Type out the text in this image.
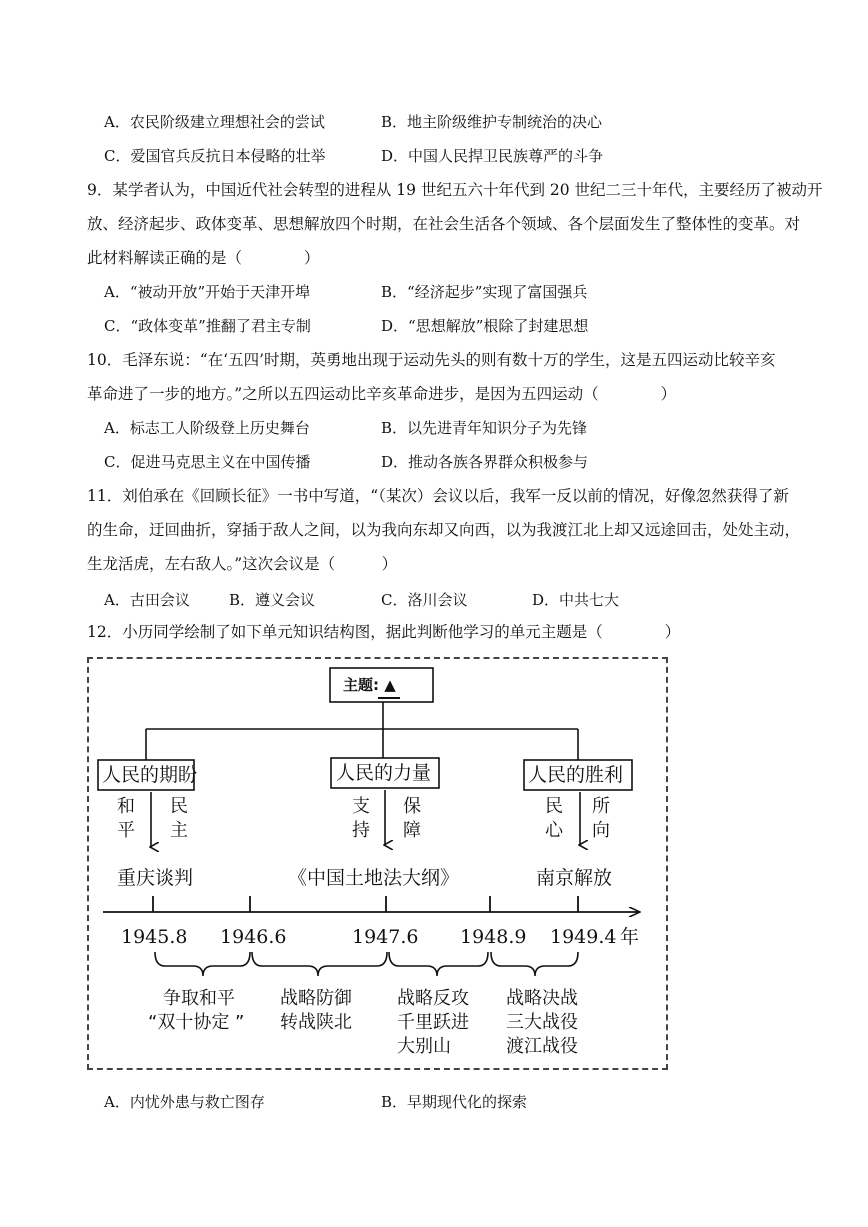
A．农民阶级建立理想社会的尝试	B．地主阶级维护专制统治的决心
C．爱国官兵反抗日本侵略的壮举	D．中国人民捍卫民族尊严的斗争
9．某学者认为，中国近代社会转型的进程从 19 世纪五六十年代到 20 世纪二三十年代，主要经历了被动开
放、经济起步、政体变革、思想解放四个时期，在社会生活各个领域、各个层面发生了整体性的变革。对
此材料解读正确的是（　　　　）
A．“被动开放”开始于天津开埠	B．“经济起步”实现了富国强兵
C．“政体变革”推翻了君主专制	D．“思想解放”根除了封建思想
10．毛泽东说：“在‘五四’时期，英勇地出现于运动先头的则有数十万的学生，这是五四运动比较辛亥
革命进了一步的地方。”之所以五四运动比辛亥革命进步，是因为五四运动（　　　　）
A．标志工人阶级登上历史舞台	B．以先进青年知识分子为先锋
C．促进马克思主义在中国传播	D．推动各族各界群众积极参与
11．刘伯承在《回顾长征》一书中写道，“（某次）会议以后，我军一反以前的情况，好像忽然获得了新
的生命，迂回曲折，穿插于敌人之间，以为我向东却又向西，以为我渡江北上却又远途回击，处处主动，
生龙活虎，左右敌人。”这次会议是（　　　）
A．古田会议	B．遵义会议	C．洛川会议	D．中共七大
12．小历同学绘制了如下单元知识结构图，据此判断他学习的单元主题是（　　　　）
主题: ▲
人民的期盼	人民的力量	人民的胜利
和
平
民
主
支
持
保
障
民
心
所
向
重庆谈判	《中国土地法大纲》	南京解放
1945.8 1946.6	1947.6 1948.9 1949.4 年
争取和平
“双十协定 ”
战略防御
转战陕北
战略反攻
千里跃进
大别山
战略决战
三大战役
渡江战役
A．内忧外患与救亡图存	B．早期现代化的探索
